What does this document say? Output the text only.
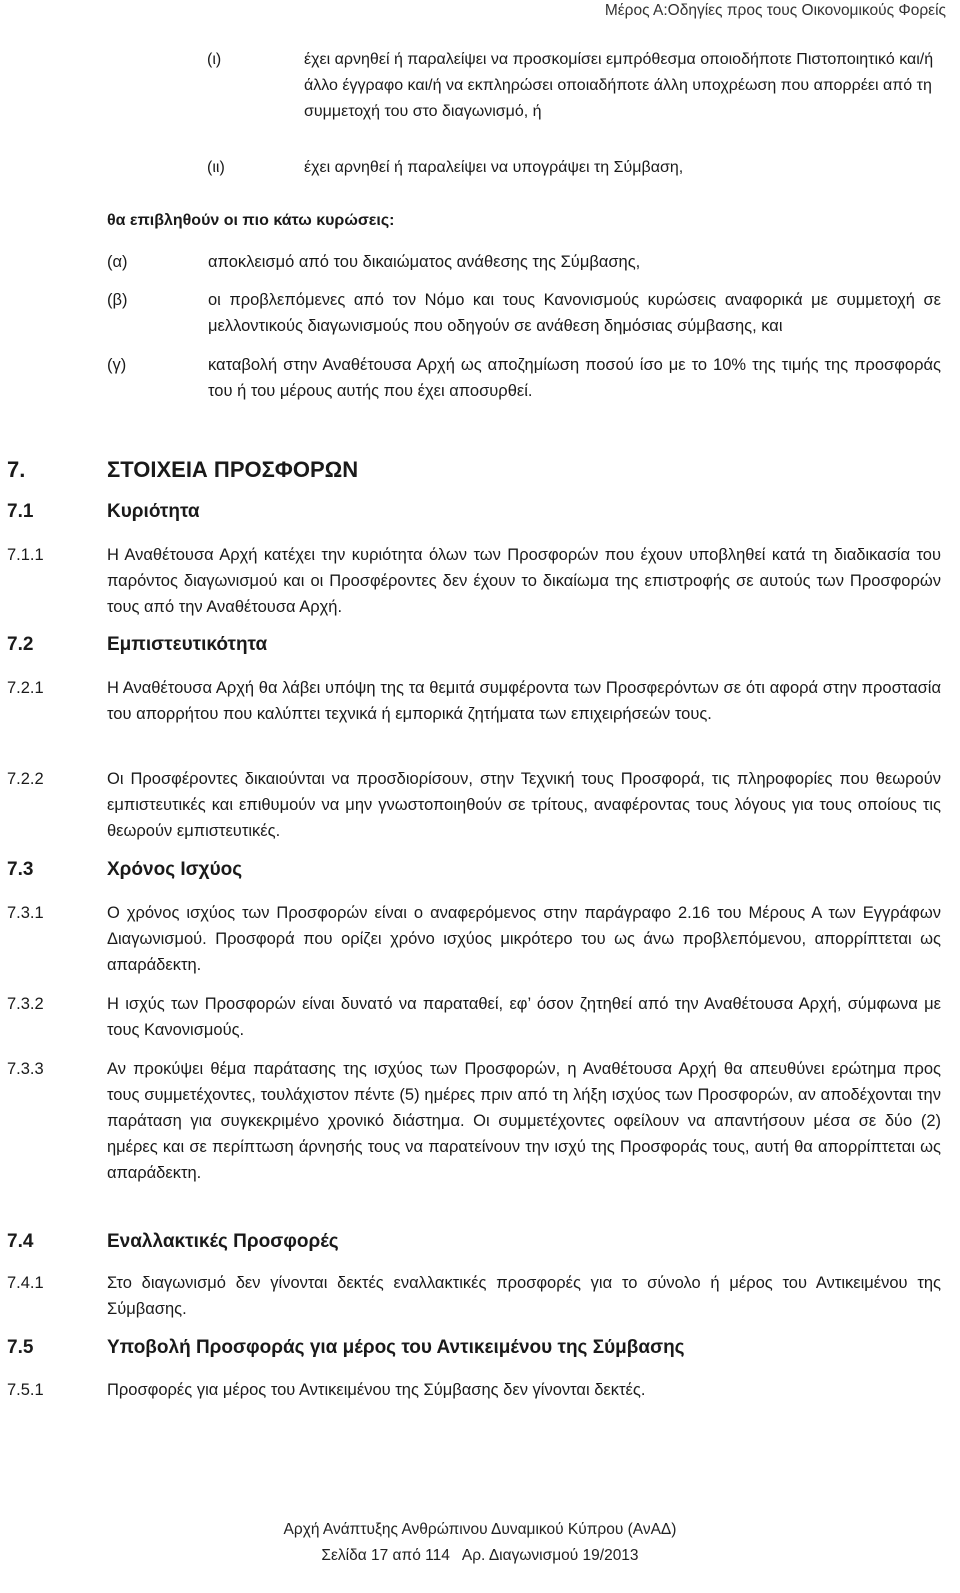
Μέρος Α:Οδηγίες προς τους Οικονομικούς Φορείς
(ι)	έχει αρνηθεί ή παραλείψει να προσκομίσει εμπρόθεσμα οποιοδήποτε Πιστοποιητικό και/ή άλλο έγγραφο και/ή να εκπληρώσει οποιαδήποτε άλλη υποχρέωση που απορρέει από τη συμμετοχή του στο διαγωνισμό, ή
(ιι)	έχει αρνηθεί ή παραλείψει να υπογράψει τη Σύμβαση,
θα επιβληθούν οι πιο κάτω κυρώσεις:
(α)	αποκλεισμό από του δικαιώματος ανάθεσης της Σύμβασης,
(β)	οι προβλεπόμενες από τον Νόμο και τους Κανονισμούς κυρώσεις αναφορικά με συμμετοχή σε μελλοντικούς διαγωνισμούς που οδηγούν σε ανάθεση δημόσιας σύμβασης, και
(γ)	καταβολή στην Αναθέτουσα Αρχή ως αποζημίωση ποσού ίσο με το 10% της τιμής της προσφοράς του ή του μέρους αυτής που έχει αποσυρθεί.
7.	ΣΤΟΙΧΕΙΑ ΠΡΟΣΦΟΡΩΝ
7.1	Κυριότητα
7.1.1	Η Αναθέτουσα Αρχή κατέχει την κυριότητα όλων των Προσφορών που έχουν υποβληθεί κατά τη διαδικασία του παρόντος διαγωνισμού και οι Προσφέροντες δεν έχουν το δικαίωμα της επιστροφής σε αυτούς των Προσφορών τους από την Αναθέτουσα Αρχή.
7.2	Εμπιστευτικότητα
7.2.1	Η Αναθέτουσα Αρχή θα λάβει υπόψη της τα θεμιτά συμφέροντα των Προσφερόντων σε ότι αφορά στην προστασία του απορρήτου που καλύπτει τεχνικά ή εμπορικά ζητήματα των επιχειρήσεών τους.
7.2.2	Οι Προσφέροντες δικαιούνται να προσδιορίσουν, στην Τεχνική τους Προσφορά, τις πληροφορίες που θεωρούν εμπιστευτικές και επιθυμούν να μην γνωστοποιηθούν σε τρίτους, αναφέροντας τους λόγους για τους οποίους τις θεωρούν εμπιστευτικές.
7.3	Χρόνος Ισχύος
7.3.1	Ο χρόνος ισχύος των Προσφορών είναι ο αναφερόμενος στην παράγραφο 2.16 του Μέρους Α των Εγγράφων Διαγωνισμού. Προσφορά που ορίζει χρόνο ισχύος μικρότερο του ως άνω προβλεπόμενου, απορρίπτεται ως απαράδεκτη.
7.3.2	Η ισχύς των Προσφορών είναι δυνατό να παραταθεί, εφ’ όσον ζητηθεί από την Αναθέτουσα Αρχή, σύμφωνα με τους Κανονισμούς.
7.3.3	Αν προκύψει θέμα παράτασης της ισχύος των Προσφορών, η Αναθέτουσα Αρχή θα απευθύνει ερώτημα προς τους συμμετέχοντες, τουλάχιστον πέντε (5) ημέρες πριν από τη λήξη ισχύος των Προσφορών, αν αποδέχονται την παράταση για συγκεκριμένο χρονικό διάστημα. Οι συμμετέχοντες οφείλουν να απαντήσουν μέσα σε δύο (2) ημέρες και σε περίπτωση άρνησής τους να παρατείνουν την ισχύ της Προσφοράς τους, αυτή θα απορρίπτεται ως απαράδεκτη.
7.4	Εναλλακτικές Προσφορές
7.4.1	Στο διαγωνισμό δεν γίνονται δεκτές εναλλακτικές προσφορές για το σύνολο ή μέρος του Αντικειμένου της Σύμβασης.
7.5	Υποβολή Προσφοράς για μέρος του Αντικειμένου της Σύμβασης
7.5.1	Προσφορές για μέρος του Αντικειμένου της Σύμβασης δεν γίνονται δεκτές.
Αρχή Ανάπτυξης Ανθρώπινου Δυναμικού Κύπρου (ΑνΑΔ)
Σελίδα 17 από 114   Αρ. Διαγωνισμού 19/2013
